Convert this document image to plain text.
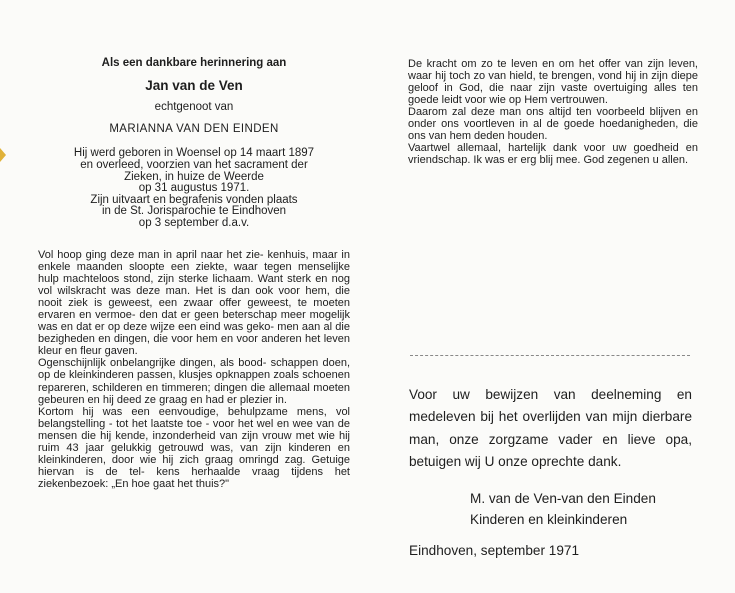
Als een dankbare herinnering aan

Jan van de Ven

echtgenoot van

MARIANNA VAN DEN EINDEN

Hij werd geboren in Woensel op 14 maart 1897

en overleed, voorzien van het sacrament der

Zieken, in huize de Weerde

op 31 augustus 1971.

Zijn uitvaart en begrafenis vonden plaats

in de St. Jorisparochie te Eindhoven

op 3 september d.a.v.

Vol hoop ging deze man in april naar het zie- kenhuis, maar in enkele maanden sloopte een ziekte, waar tegen menselijke hulp machteloos stond, zijn sterke lichaam. Want sterk en nog vol wilskracht was deze man. Het is dan ook voor hem, die nooit ziek is geweest, een zwaar offer geweest, te moeten ervaren en vermoe- den dat er geen beterschap meer mogelijk was en dat er op deze wijze een eind was geko- men aan al die bezigheden en dingen, die voor hem en voor anderen het leven kleur en fleur gaven.

Ogenschijnlijk onbelangrijke dingen, als bood- schappen doen, op de kleinkinderen passen, klusjes opknappen zoals schoenen repareren, schilderen en timmeren; dingen die allemaal moeten gebeuren en hij deed ze graag en had er plezier in.

Kortom hij was een eenvoudige, behulpzame mens, vol belangstelling - tot het laatste toe - voor het wel en wee van de mensen die hij kende, inzonderheid van zijn vrouw met wie hij ruim 43 jaar gelukkig getrouwd was, van zijn kinderen en kleinkinderen, door wie hij zich graag omringd zag. Getuige hiervan is de tel- kens herhaalde vraag tijdens het ziekenbezoek: „En hoe gaat het thuis?"

De kracht om zo te leven en om het offer van zijn leven, waar hij toch zo van hield, te brengen, vond hij in zijn diepe geloof in God, die naar zijn vaste overtuiging alles ten goede leidt voor wie op Hem vertrouwen.

Daarom zal deze man ons altijd ten voorbeeld blijven en onder ons voortleven in al de goede hoedanigheden, die ons van hem deden houden.

Vaartwel allemaal, hartelijk dank voor uw goedheid en vriendschap. Ik was er erg blij mee. God zegenen u allen.

Voor uw bewijzen van deelneming en medeleven bij het overlijden van mijn dierbare man, onze zorgzame vader en lieve opa, betuigen wij U onze oprechte dank.

M. van de Ven-van den Einden

Kinderen en kleinkinderen

Eindhoven, september 1971
